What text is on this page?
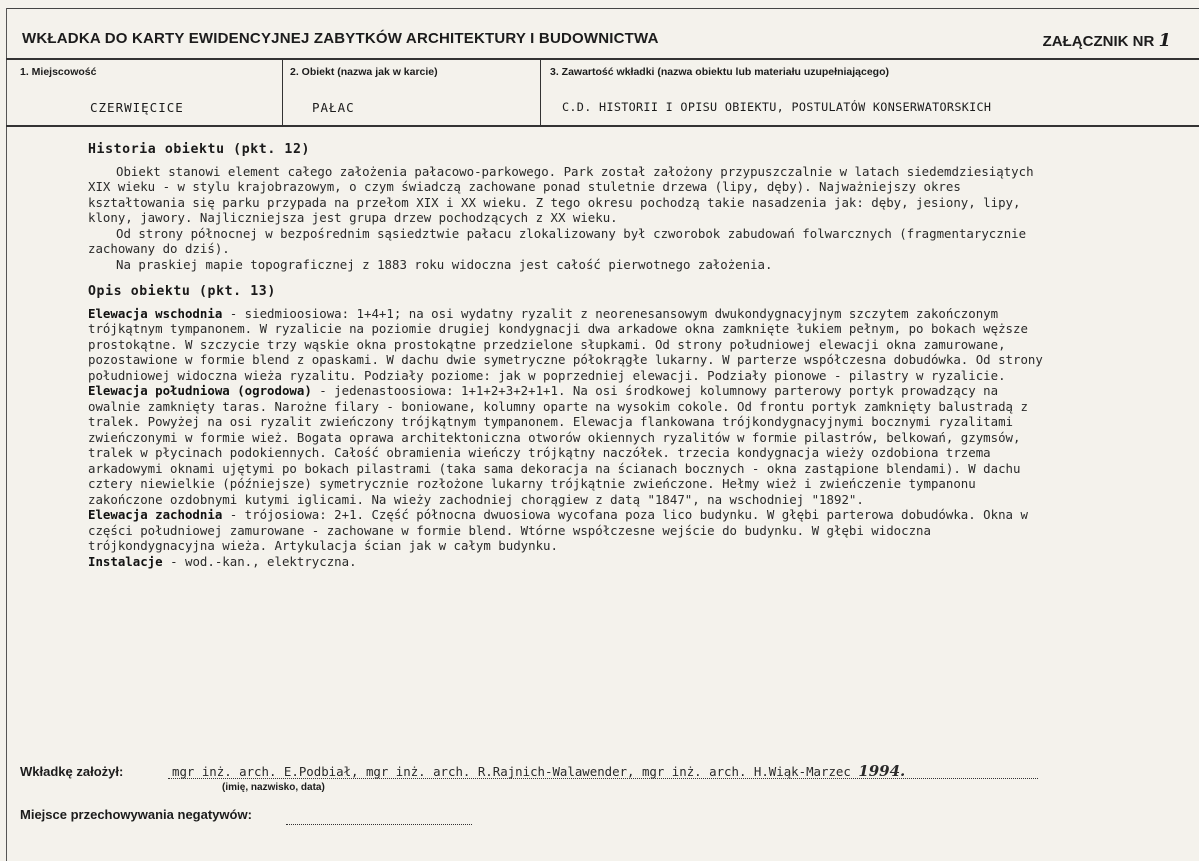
WKŁADKA DO KARTY EWIDENCYJNEJ ZABYTKÓW ARCHITEKTURY I BUDOWNICTWA	ZAŁĄCZNIK NR 1
1. Miejscowość
CZERWIĘCICE
2. Obiekt (nazwa jak w karcie)
PAŁAC
3. Zawartość wkładki (nazwa obiektu lub materiału uzupełniającego)
C.D. HISTORII I OPISU OBIEKTU, POSTULATÓW KONSERWATORSKICH
Historia obiektu (pkt. 12)

Obiekt stanowi element całego założenia pałacowo-parkowego. Park został założony przypuszczalnie w latach siedemdziesiątych XIX wieku - w stylu krajobrazowym, o czym świadczą zachowane ponad stuletnie drzewa (lipy, dęby). Najważniejszy okres kształtowania się parku przypada na przełom XIX i XX wieku. Z tego okresu pochodzą takie nasadzenia jak: dęby, jesiony, lipy, klony, jawory. Najliczniejsza jest grupa drzew pochodzących z XX wieku.

Od strony północnej w bezpośrednim sąsiedztwie pałacu zlokalizowany był czworobok zabudowań folwarcznych (fragmentarycznie zachowany do dziś).

Na praskiej mapie topograficznej z 1883 roku widoczna jest całość pierwotnego założenia.

Opis obiektu (pkt. 13)

Elewacja wschodnia - siedmioosiowa: 1+4+1; na osi wydatny ryzalit z neorenesansowym dwukondygnacyjnym szczytem zakończonym trójkątnym tympanonem. W ryzalicie na poziomie drugiej kondygnacji dwa arkadowe okna zamknięte łukiem pełnym, po bokach węższe prostokątne. W szczycie trzy wąskie okna prostokątne przedzielone słupkami. Od strony południowej elewacji okna zamurowane, pozostawione w formie blend z opaskami. W dachu dwie symetryczne półokrągłe lukarny. W parterze współczesna dobudówka. Od strony południowej widoczna wieża ryzalitu. Podziały poziome: jak w poprzedniej elewacji. Podziały pionowe - pilastry w ryzalicie.

Elewacja południowa (ogrodowa) - jedenastoosiowa: 1+1+2+3+2+1+1. Na osi środkowej kolumnowy parterowy portyk prowadzący na owalnie zamknięty taras. Narożne filary - boniowane, kolumny oparte na wysokim cokole. Od frontu portyk zamknięty balustradą z tralek. Powyżej na osi ryzalit zwieńczony trójkątnym tympanonem. Elewacja flankowana trójkondygnacyjnymi bocznymi ryzalitami zwieńczonymi w formie wież. Bogata oprawa architektoniczna otworów okiennych ryzalitów w formie pilastrów, belkowań, gzymsów, tralek w płycinach podokiennych. Całość obramienia wieńczy trójkątny naczółek. trzecia kondygnacja wieży ozdobiona trzema arkadowymi oknami ujętymi po bokach pilastrami (taka sama dekoracja na ścianach bocznych - okna zastąpione blendami). W dachu cztery niewielkie (późniejsze) symetrycznie rozłożone lukarny trójkątnie zwieńczone. Hełmy wież i zwieńczenie tympanonu zakończone ozdobnymi kutymi iglicami. Na wieży zachodniej chorągiew z datą "1847", na wschodniej "1892".

Elewacja zachodnia - trójosiowa: 2+1. Część północna dwuosiowa wycofana poza lico budynku. W głębi parterowa dobudówka. Okna w części południowej zamurowane - zachowane w formie blend. Wtórne współczesne wejście do budynku. W głębi widoczna trójkondygnacyjna wieża. Artykulacja ścian jak w całym budynku.

Instalacje - wod.-kan., elektryczna.

Wkładkę założył:	mgr inż. arch. E.Podbiał, mgr inż. arch. R.Rajnich-Walawender, mgr inż. arch. H.Wiąk-Marzec 1994.
(imię, nazwisko, data)
Miejsce przechowywania negatywów:
